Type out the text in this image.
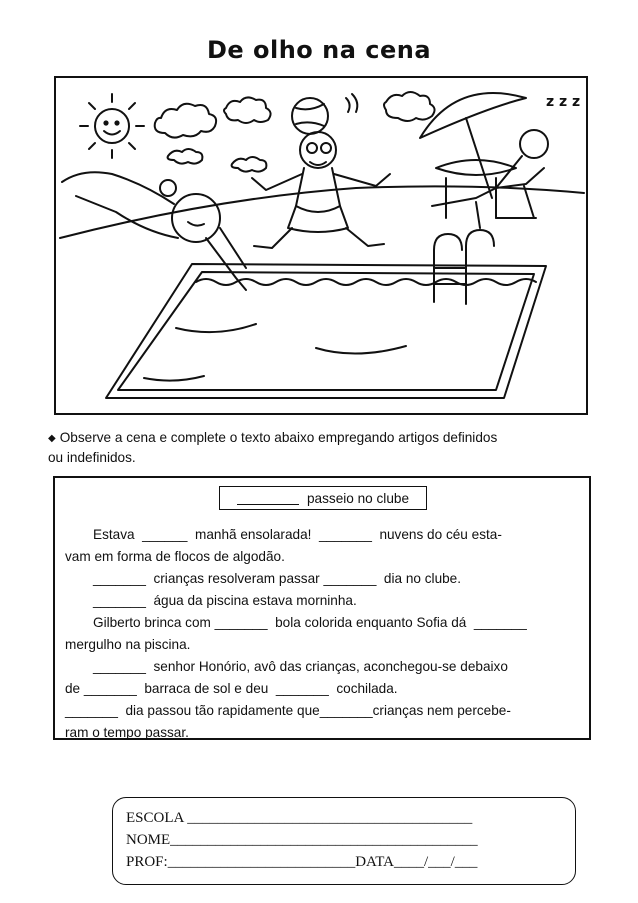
De olho na cena
z z z
◆ Observe a cena e complete o texto abaixo empregando artigos definidos
ou indefinidos.
passeio no clube
Estava  ______  manhã ensolarada!  _______  nuvens do céu esta-
vam em forma de flocos de algodão.
_______  crianças resolveram passar _______  dia no clube.
_______  água da piscina estava morninha.
Gilberto brinca com _______  bola colorida enquanto Sofia dá  _______
mergulho na piscina.
_______  senhor Honório, avô das crianças, aconchegou-se debaixo
de _______  barraca de sol e deu  _______  cochilada.
_______  dia passou tão rapidamente que_______crianças nem percebe-
ram o tempo passar.
ESCOLA ______________________________________
NOME_________________________________________
PROF:_________________________DATA____/___/___
